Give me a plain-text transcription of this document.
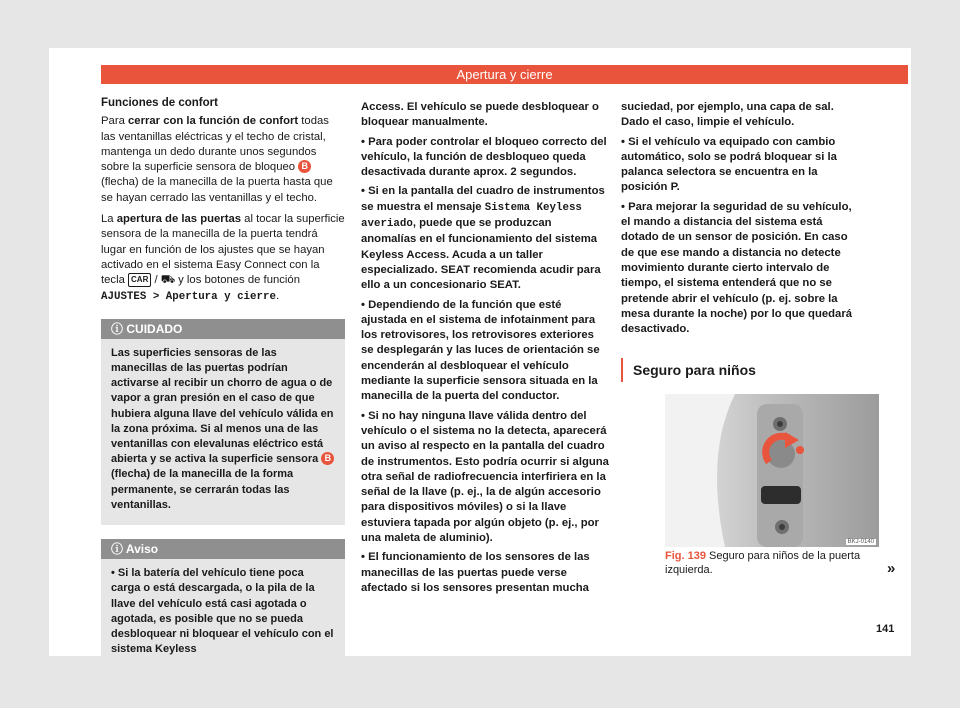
Apertura y cierre
Funciones de confort

Para cerrar con la función de confort todas las ventanillas eléctricas y el techo de cristal, mantenga un dedo durante unos segundos sobre la superficie sensora de bloqueo B (flecha) de la manecilla de la puerta hasta que se hayan cerrado las ventanillas y el techo.

La apertura de las puertas al tocar la superficie sensora de la manecilla de la puerta tendrá lugar en función de los ajustes que se hayan activado en el sistema Easy Connect con la tecla CAR / ⛟ y los botones de función AJUSTES > Apertura y cierre.

ⓘ CUIDADO

Las superficies sensoras de las manecillas de las puertas podrían activarse al recibir un chorro de agua o de vapor a gran presión en el caso de que hubiera alguna llave del vehículo válida en la zona próxima. Si al menos una de las ventanillas con elevalunas eléctrico está abierta y se activa la superficie sensora B (flecha) de la manecilla de la forma permanente, se cerrarán todas las ventanillas.

ⓘ Aviso

• Si la batería del vehículo tiene poca carga o está descargada, o la pila de la llave del vehículo está casi agotada o agotada, es posible que no se pueda desbloquear ni bloquear el vehículo con el sistema Keyless

Access. El vehículo se puede desbloquear o bloquear manualmente.

• Para poder controlar el bloqueo correcto del vehículo, la función de desbloqueo queda desactivada durante aprox. 2 segundos.

• Si en la pantalla del cuadro de instrumentos se muestra el mensaje Sistema Keyless averiado, puede que se produzcan anomalías en el funcionamiento del sistema Keyless Access. Acuda a un taller especializado. SEAT recomienda acudir para ello a un concesionario SEAT.

• Dependiendo de la función que esté ajustada en el sistema de infotainment para los retrovisores, los retrovisores exteriores se desplegarán y las luces de orientación se encenderán al desbloquear el vehículo mediante la superficie sensora situada en la manecilla de la puerta del conductor.

• Si no hay ninguna llave válida dentro del vehículo o el sistema no la detecta, aparecerá un aviso al respecto en la pantalla del cuadro de instrumentos. Esto podría ocurrir si alguna otra señal de radiofrecuencia interfiriera en la señal de la llave (p. ej., la de algún accesorio para dispositivos móviles) o si la llave estuviera tapada por algún objeto (p. ej., por una maleta de aluminio).

• El funcionamiento de los sensores de las manecillas de las puertas puede verse afectado si los sensores presentan mucha

suciedad, por ejemplo, una capa de sal. Dado el caso, limpie el vehículo.

• Si el vehículo va equipado con cambio automático, solo se podrá bloquear si la palanca selectora se encuentra en la posición P.

• Para mejorar la seguridad de su vehículo, el mando a distancia del sistema está dotado de un sensor de posición. En caso de que ese mando a distancia no detecte movimiento durante cierto intervalo de tiempo, el sistema entenderá que no se pretende abrir el vehículo (p. ej. sobre la mesa durante la noche) por lo que quedará desactivado.

Seguro para niños
BKJ-0140
Fig. 139 Seguro para niños de la puerta izquierda.	»
141
